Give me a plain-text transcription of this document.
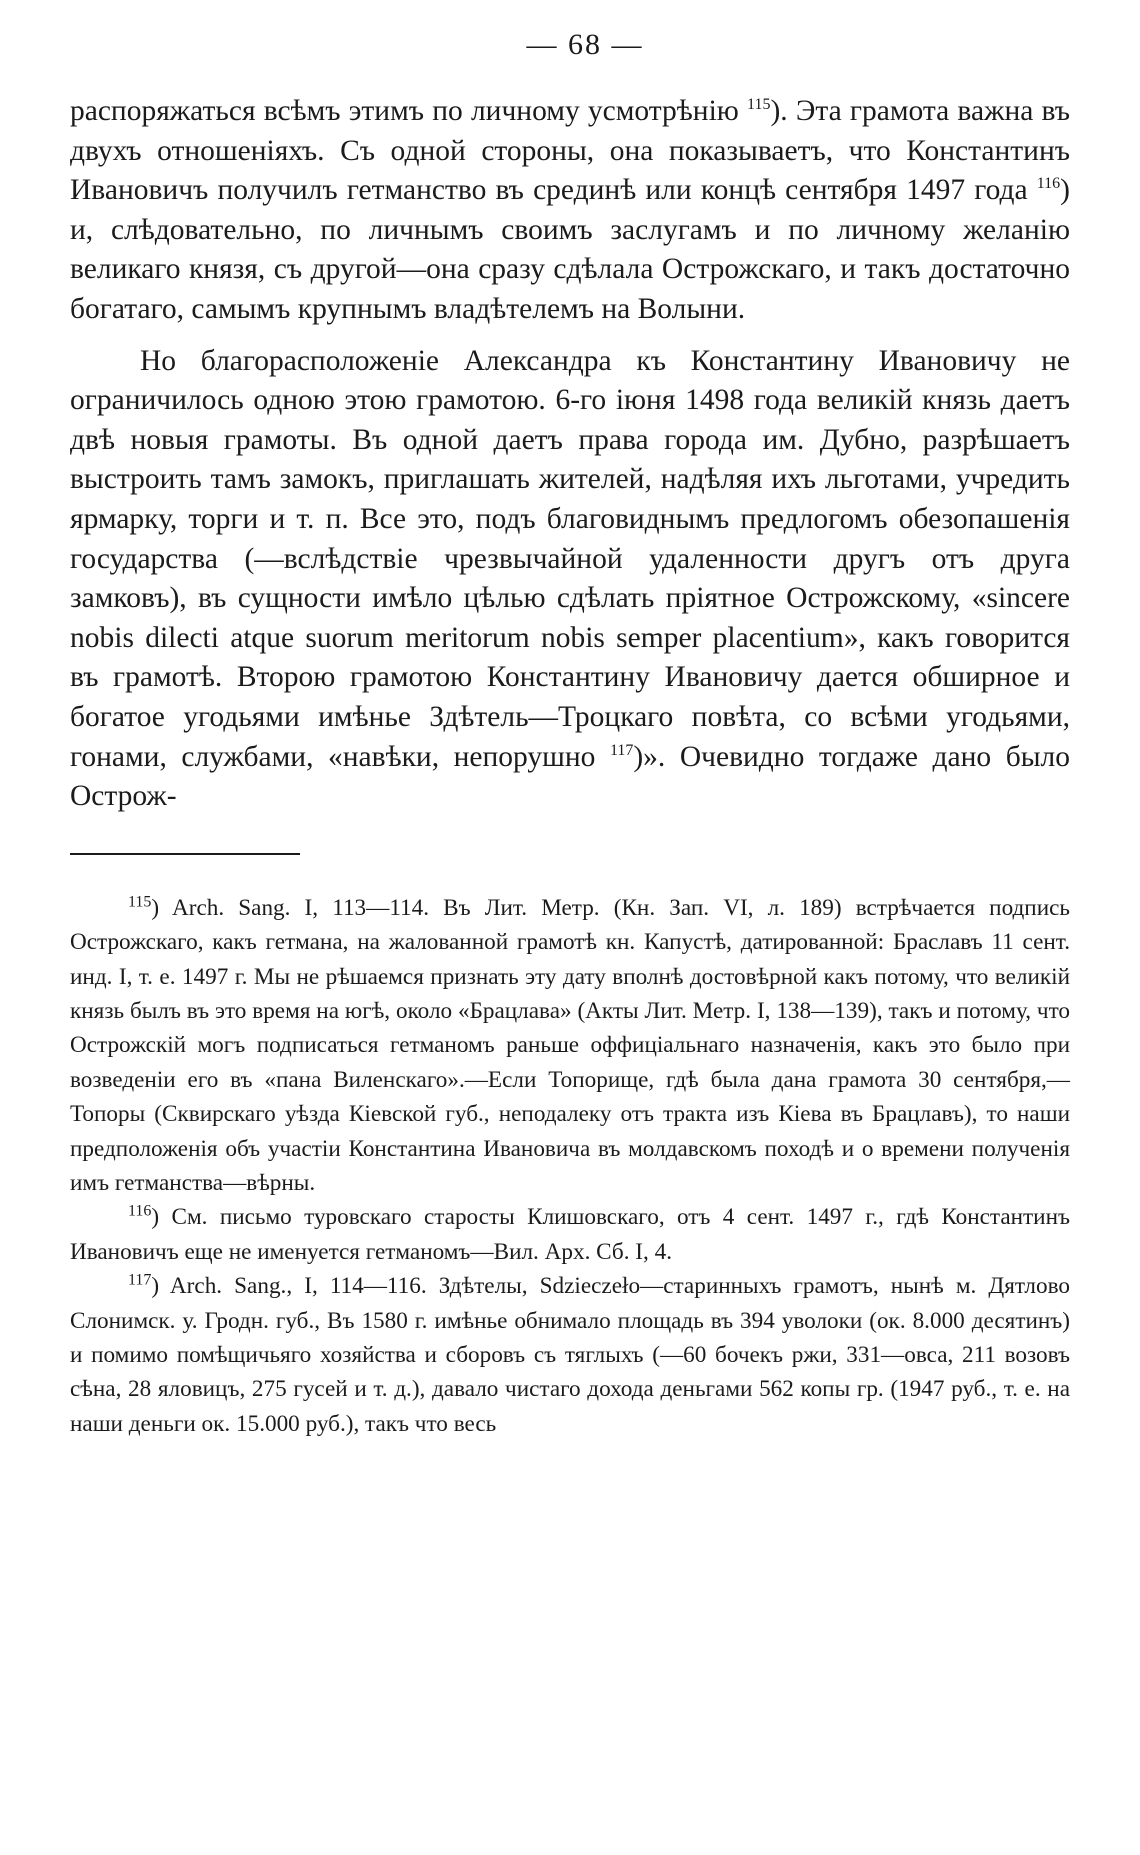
— 68 —

распоряжаться всѣмъ этимъ по личному усмотрѣнію $^{115}$). Эта грамота важна въ двухъ отношеніяхъ. Съ одной стороны, она показываетъ, что Константинъ Ивановичъ получилъ гетманство въ срединѣ или концѣ сентября 1497 года $^{116}$) и, слѣдовательно, по личнымъ своимъ заслугамъ и по личному желанію великаго князя, съ другой—она сразу сдѣлала Острожскаго, и такъ достаточно богатаго, самымъ крупнымъ владѣтелемъ на Волыни.

Но благорасположеніе Александра къ Константину Ивановичу не ограничилось одною этою грамотою. 6-го іюня 1498 года великій князь даетъ двѣ новыя грамоты. Въ одной даетъ права города им. Дубно, разрѣшаетъ выстроить тамъ замокъ, приглашать жителей, надѣляя ихъ льготами, учредить ярмарку, торги и т. п. Все это, подъ благовиднымъ предлогомъ обезопашенія государства (—вслѣдствіе чрезвычайной удаленности другъ отъ друга замковъ), въ сущности имѣло цѣлью сдѣлать пріятное Острожскому, «sincere nobis dilecti atque suorum meritorum nobis semper placentium», какъ говорится въ грамотѣ. Второю грамотою Константину Ивановичу дается обширное и богатое угодьями имѣнье Здѣтель—Троцкаго повѣта, со всѣми угодьями, гонами, службами, «навѣки, непорушно $^{117}$)». Очевидно тогдаже дано было Острож-

$^{115}$) Arch. Sang. I, 113—114. Въ Лит. Метр. (Кн. Зап. VI, л. 189) встрѣчается подпись Острожскаго, какъ гетмана, на жалованной грамотѣ кн. Капустѣ, датированной: Браславъ 11 сент. инд. I, т. е. 1497 г. Мы не рѣшаемся признать эту дату вполнѣ достовѣрной какъ потому, что великій князь былъ въ это время на югѣ, около «Брацлава» (Акты Лит. Метр. I, 138—139), такъ и потому, что Острожскій могъ подписаться гетманомъ раньше оффиціальнаго назначенія, какъ это было при возведеніи его въ «пана Виленскаго».—Если Топорище, гдѣ была дана грамота 30 сентября,—Топоры (Сквирскаго уѣзда Кіевской губ., неподалеку отъ тракта изъ Кіева въ Брацлавъ), то наши предположенія объ участіи Константина Ивановича въ молдавскомъ походѣ и о времени полученія имъ гетманства—вѣрны.

$^{116}$) См. письмо туровскаго старосты Клишовскаго, отъ 4 сент. 1497 г., гдѣ Константинъ Ивановичъ еще не именуется гетманомъ—Вил. Арх. Сб. I, 4.

$^{117}$) Arch. Sang., I, 114—116. Здѣтелы, Sdzieczeło—старинныхъ грамотъ, нынѣ м. Дятлово Слонимск. у. Гродн. губ., Въ 1580 г. имѣнье обнимало площадь въ 394 уволоки (ок. 8.000 десятинъ) и помимо помѣщичьяго хозяйства и сборовъ съ тяглыхъ (—60 бочекъ ржи, 331—овса, 211 возовъ сѣна, 28 яловицъ, 275 гусей и т. д.), давало чистаго дохода деньгами 562 копы гр. (1947 руб., т. е. на наши деньги ок. 15.000 руб.), такъ что весь
